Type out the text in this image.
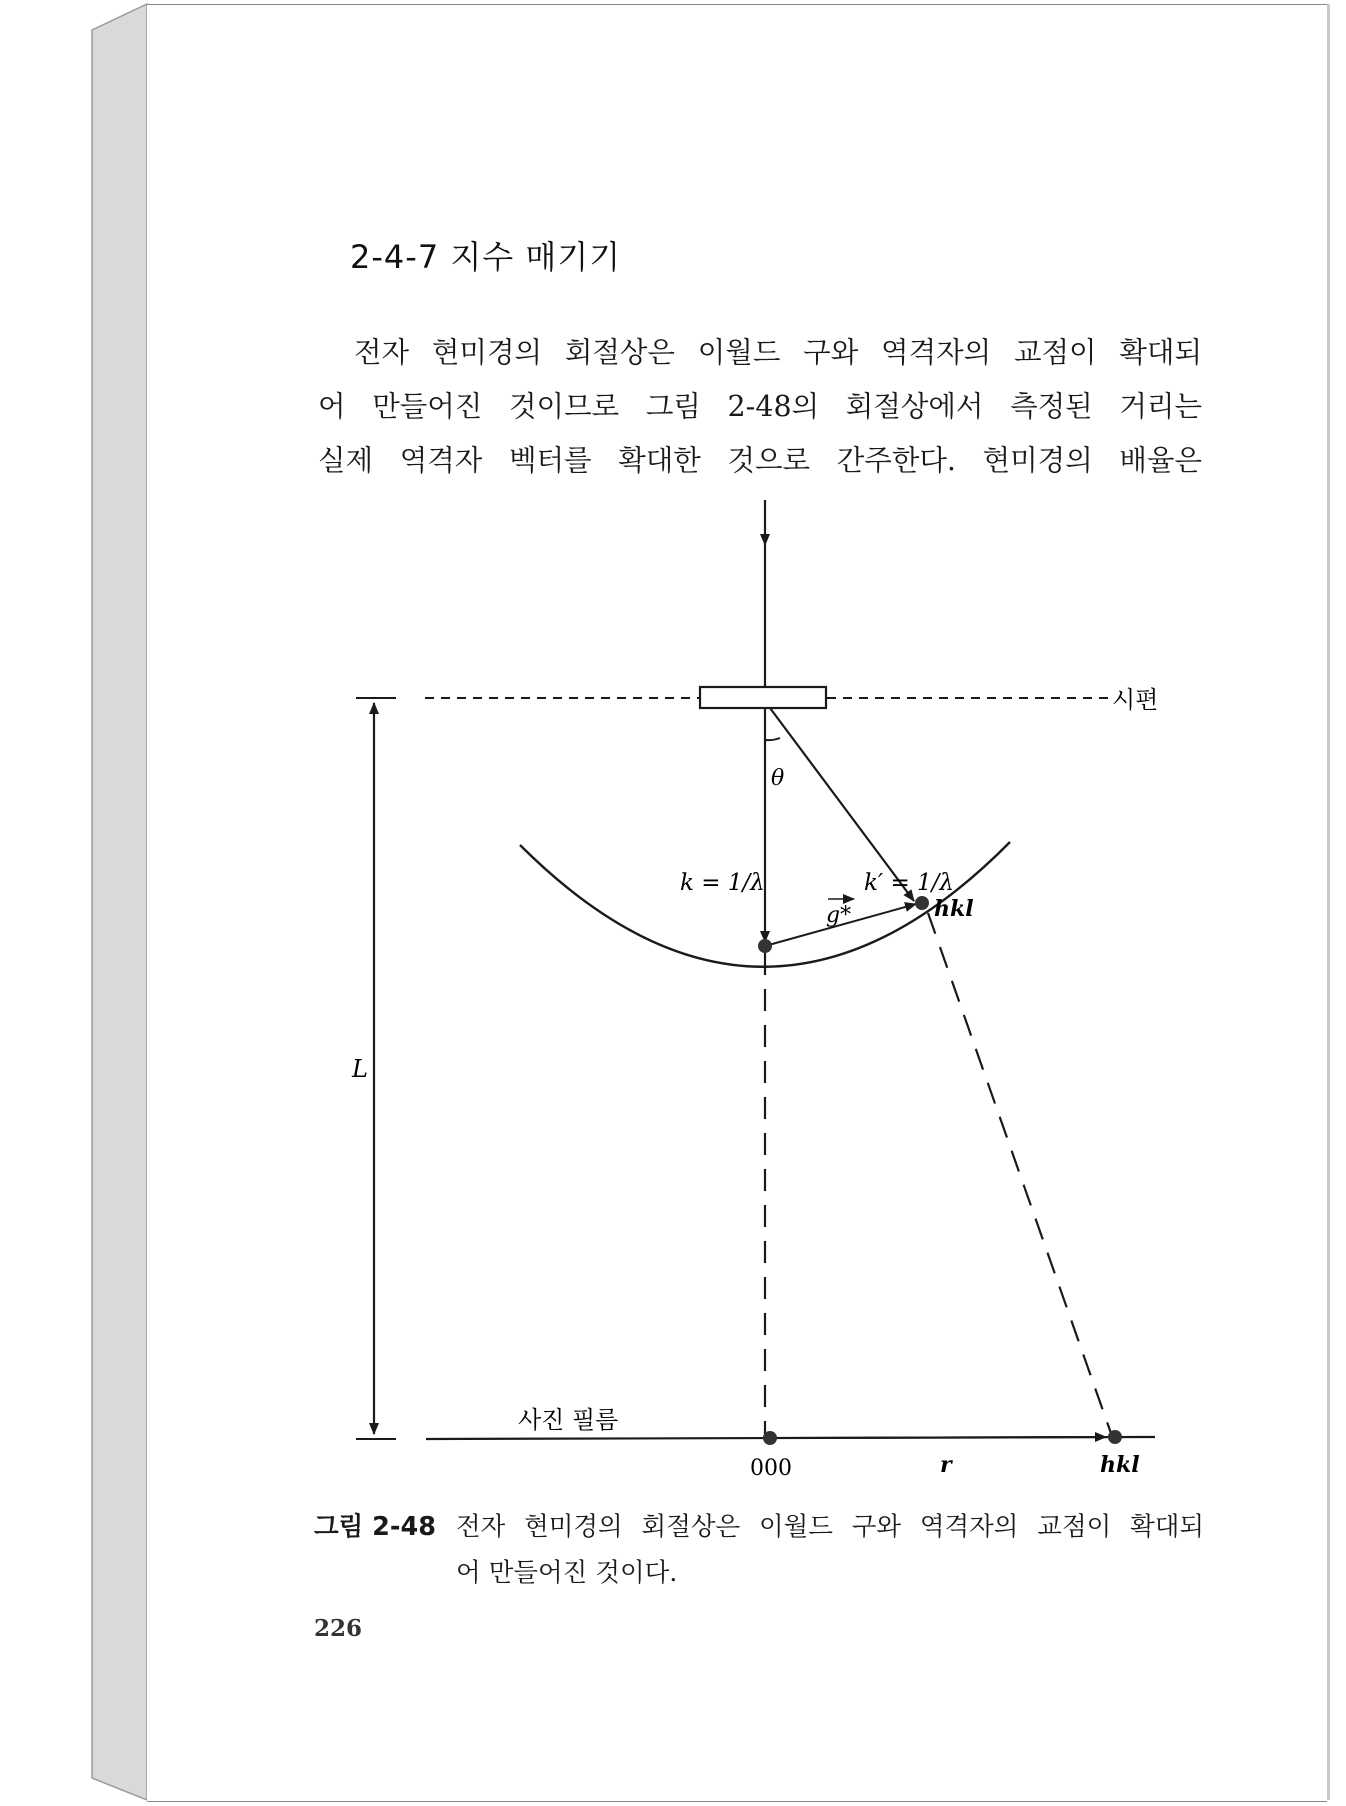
2-4-7 지수 매기기
전자 현미경의 회절상은 이월드 구와 역격자의 교점이 확대되
어 만들어진 것이므로 그림 2-48의 회절상에서 측정된 거리는
실제 역격자 벡터를 확대한 것으로 간주한다. 현미경의 배율은
시편
L
k = 1/λ
θ
k′ = 1/λ
g*	hkl
사진 필름
000	r	hkl
그림 2-48 전자 현미경의 회절상은 이월드 구와 역격자의 교점이 확대되
어 만들어진 것이다.
226
